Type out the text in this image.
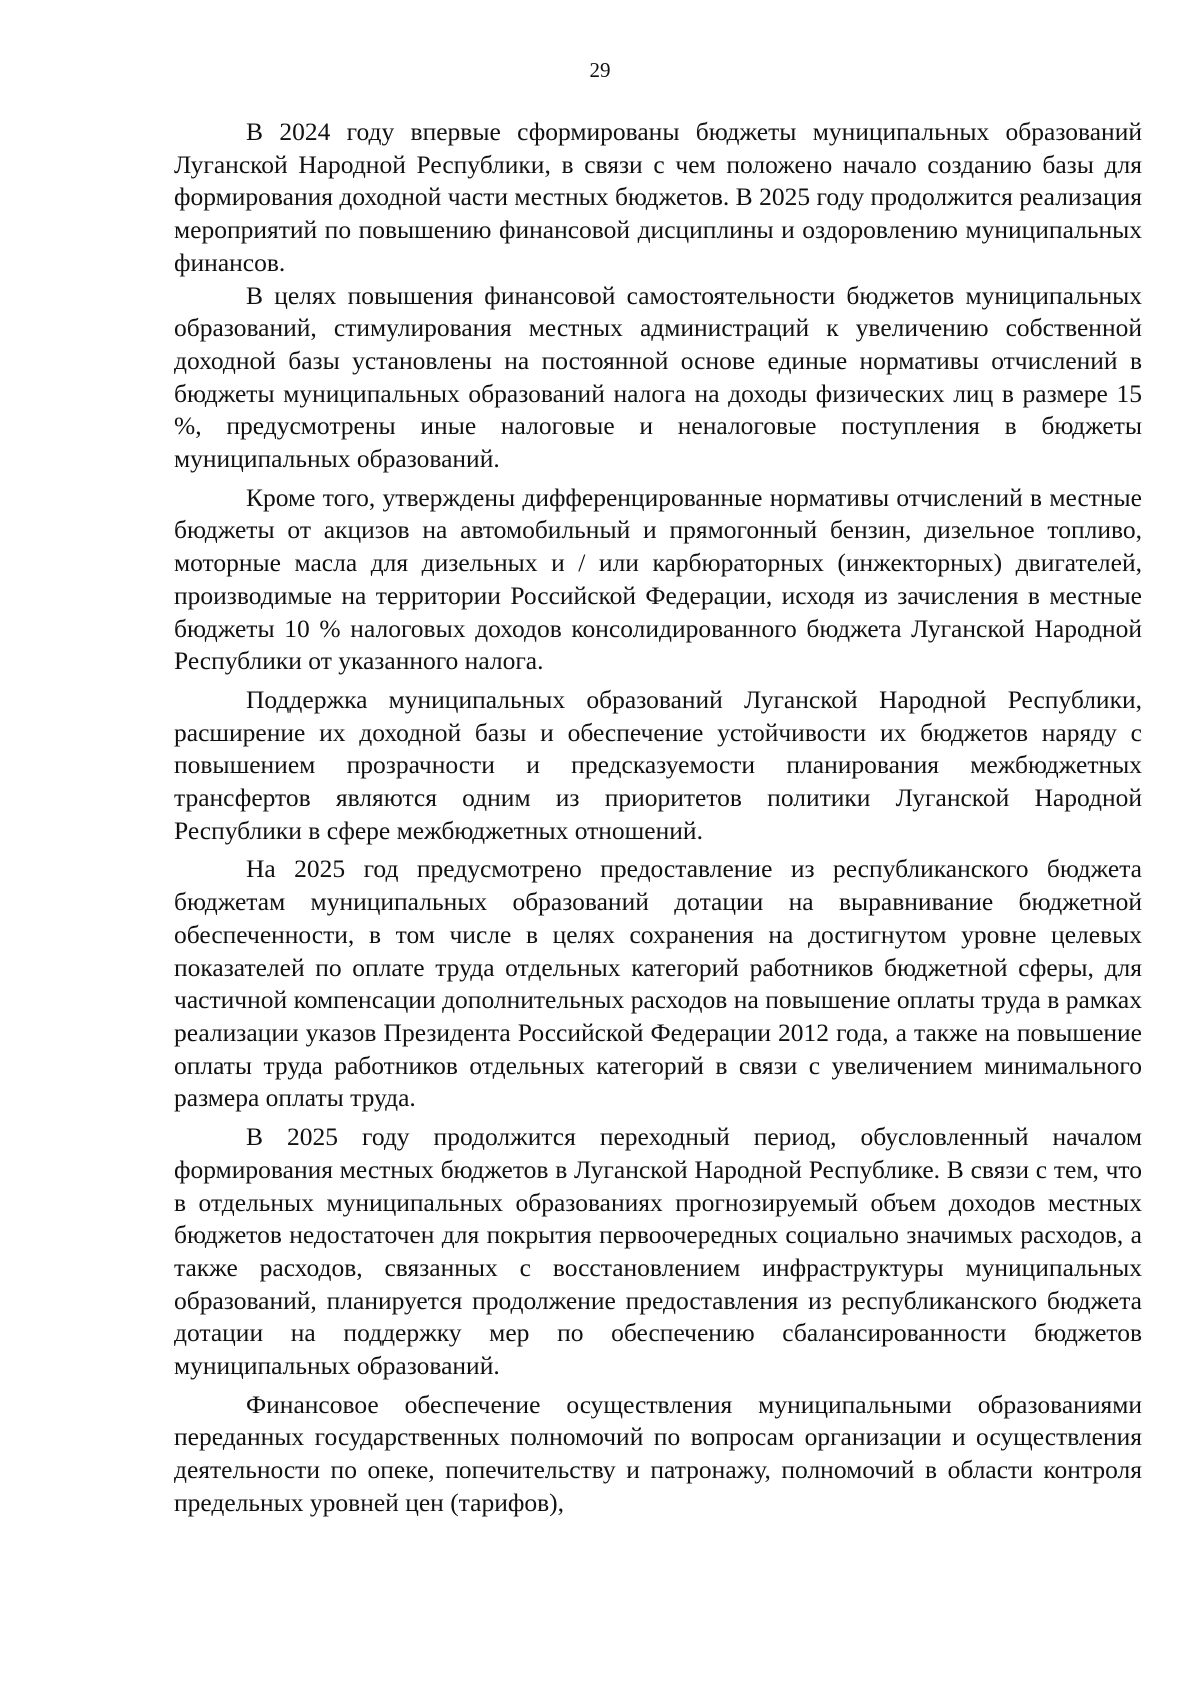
29

В 2024 году впервые сформированы бюджеты муниципальных образований Луганской Народной Республики, в связи с чем положено начало созданию базы для формирования доходной части местных бюджетов. В 2025 году продолжится реализация мероприятий по повышению финансовой дисциплины и оздоровлению муниципальных финансов.

В целях повышения финансовой самостоятельности бюджетов муниципальных образований, стимулирования местных администраций к увеличению собственной доходной базы установлены на постоянной основе единые нормативы отчислений в бюджеты муниципальных образований налога на доходы физических лиц в размере 15 %, предусмотрены иные налоговые и неналоговые поступления в бюджеты муниципальных образований.

Кроме того, утверждены дифференцированные нормативы отчислений в местные бюджеты от акцизов на автомобильный и прямогонный бензин, дизельное топливо, моторные масла для дизельных и / или карбюраторных (инжекторных) двигателей, производимые на территории Российской Федерации, исходя из зачисления в местные бюджеты 10 % налоговых доходов консолидированного бюджета Луганской Народной Республики от указанного налога.

Поддержка муниципальных образований Луганской Народной Республики, расширение их доходной базы и обеспечение устойчивости их бюджетов наряду с повышением прозрачности и предсказуемости планирования межбюджетных трансфертов являются одним из приоритетов политики Луганской Народной Республики в сфере межбюджетных отношений.

На 2025 год предусмотрено предоставление из республиканского бюджета бюджетам муниципальных образований дотации на выравнивание бюджетной обеспеченности, в том числе в целях сохранения на достигнутом уровне целевых показателей по оплате труда отдельных категорий работников бюджетной сферы, для частичной компенсации дополнительных расходов на повышение оплаты труда в рамках реализации указов Президента Российской Федерации 2012 года, а также на повышение оплаты труда работников отдельных категорий в связи с увеличением минимального размера оплаты труда.

В 2025 году продолжится переходный период, обусловленный началом формирования местных бюджетов в Луганской Народной Республике. В связи с тем, что в отдельных муниципальных образованиях прогнозируемый объем доходов местных бюджетов недостаточен для покрытия первоочередных социально значимых расходов, а также расходов, связанных с восстановлением инфраструктуры муниципальных образований, планируется продолжение предоставления из республиканского бюджета дотации на поддержку мер по обеспечению сбалансированности бюджетов муниципальных образований.

Финансовое обеспечение осуществления муниципальными образованиями переданных государственных полномочий по вопросам организации и осуществления деятельности по опеке, попечительству и патронажу, полномочий в области контроля предельных уровней цен (тарифов),
